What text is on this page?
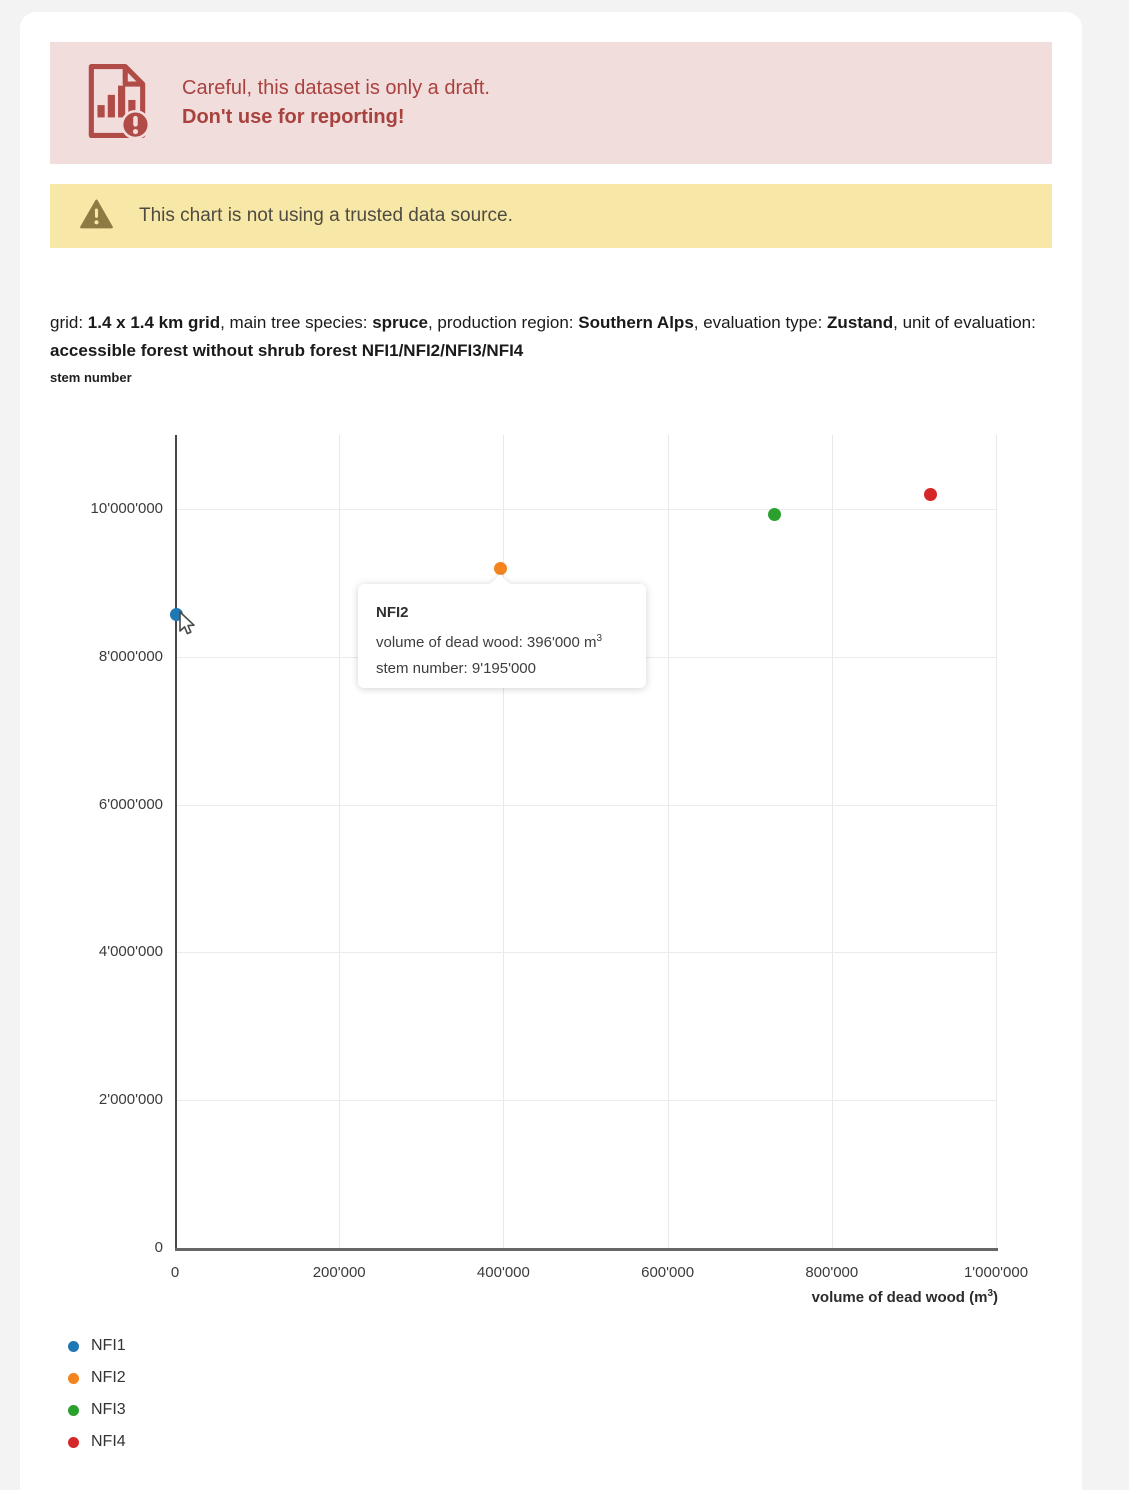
Careful, this dataset is only a draft.
Don't use for reporting!
This chart is not using a trusted data source.

grid: 1.4 x 1.4 km grid, main tree species: spruce, production region: Southern Alps, evaluation type: Zustand, unit of evaluation: accessible forest without shrub forest NFI1/NFI2/NFI3/NFI4

stem number
0	200'000	400'000	600'000	800'000	1'000'000
0
2'000'000
4'000'000
6'000'000
8'000'000
10'000'000
volume of dead wood $(m^3)$
NFI2
volume of dead wood: 396'000 $m^3$
stem number: 9'195'000
NFI1
NFI2
NFI3
NFI4
